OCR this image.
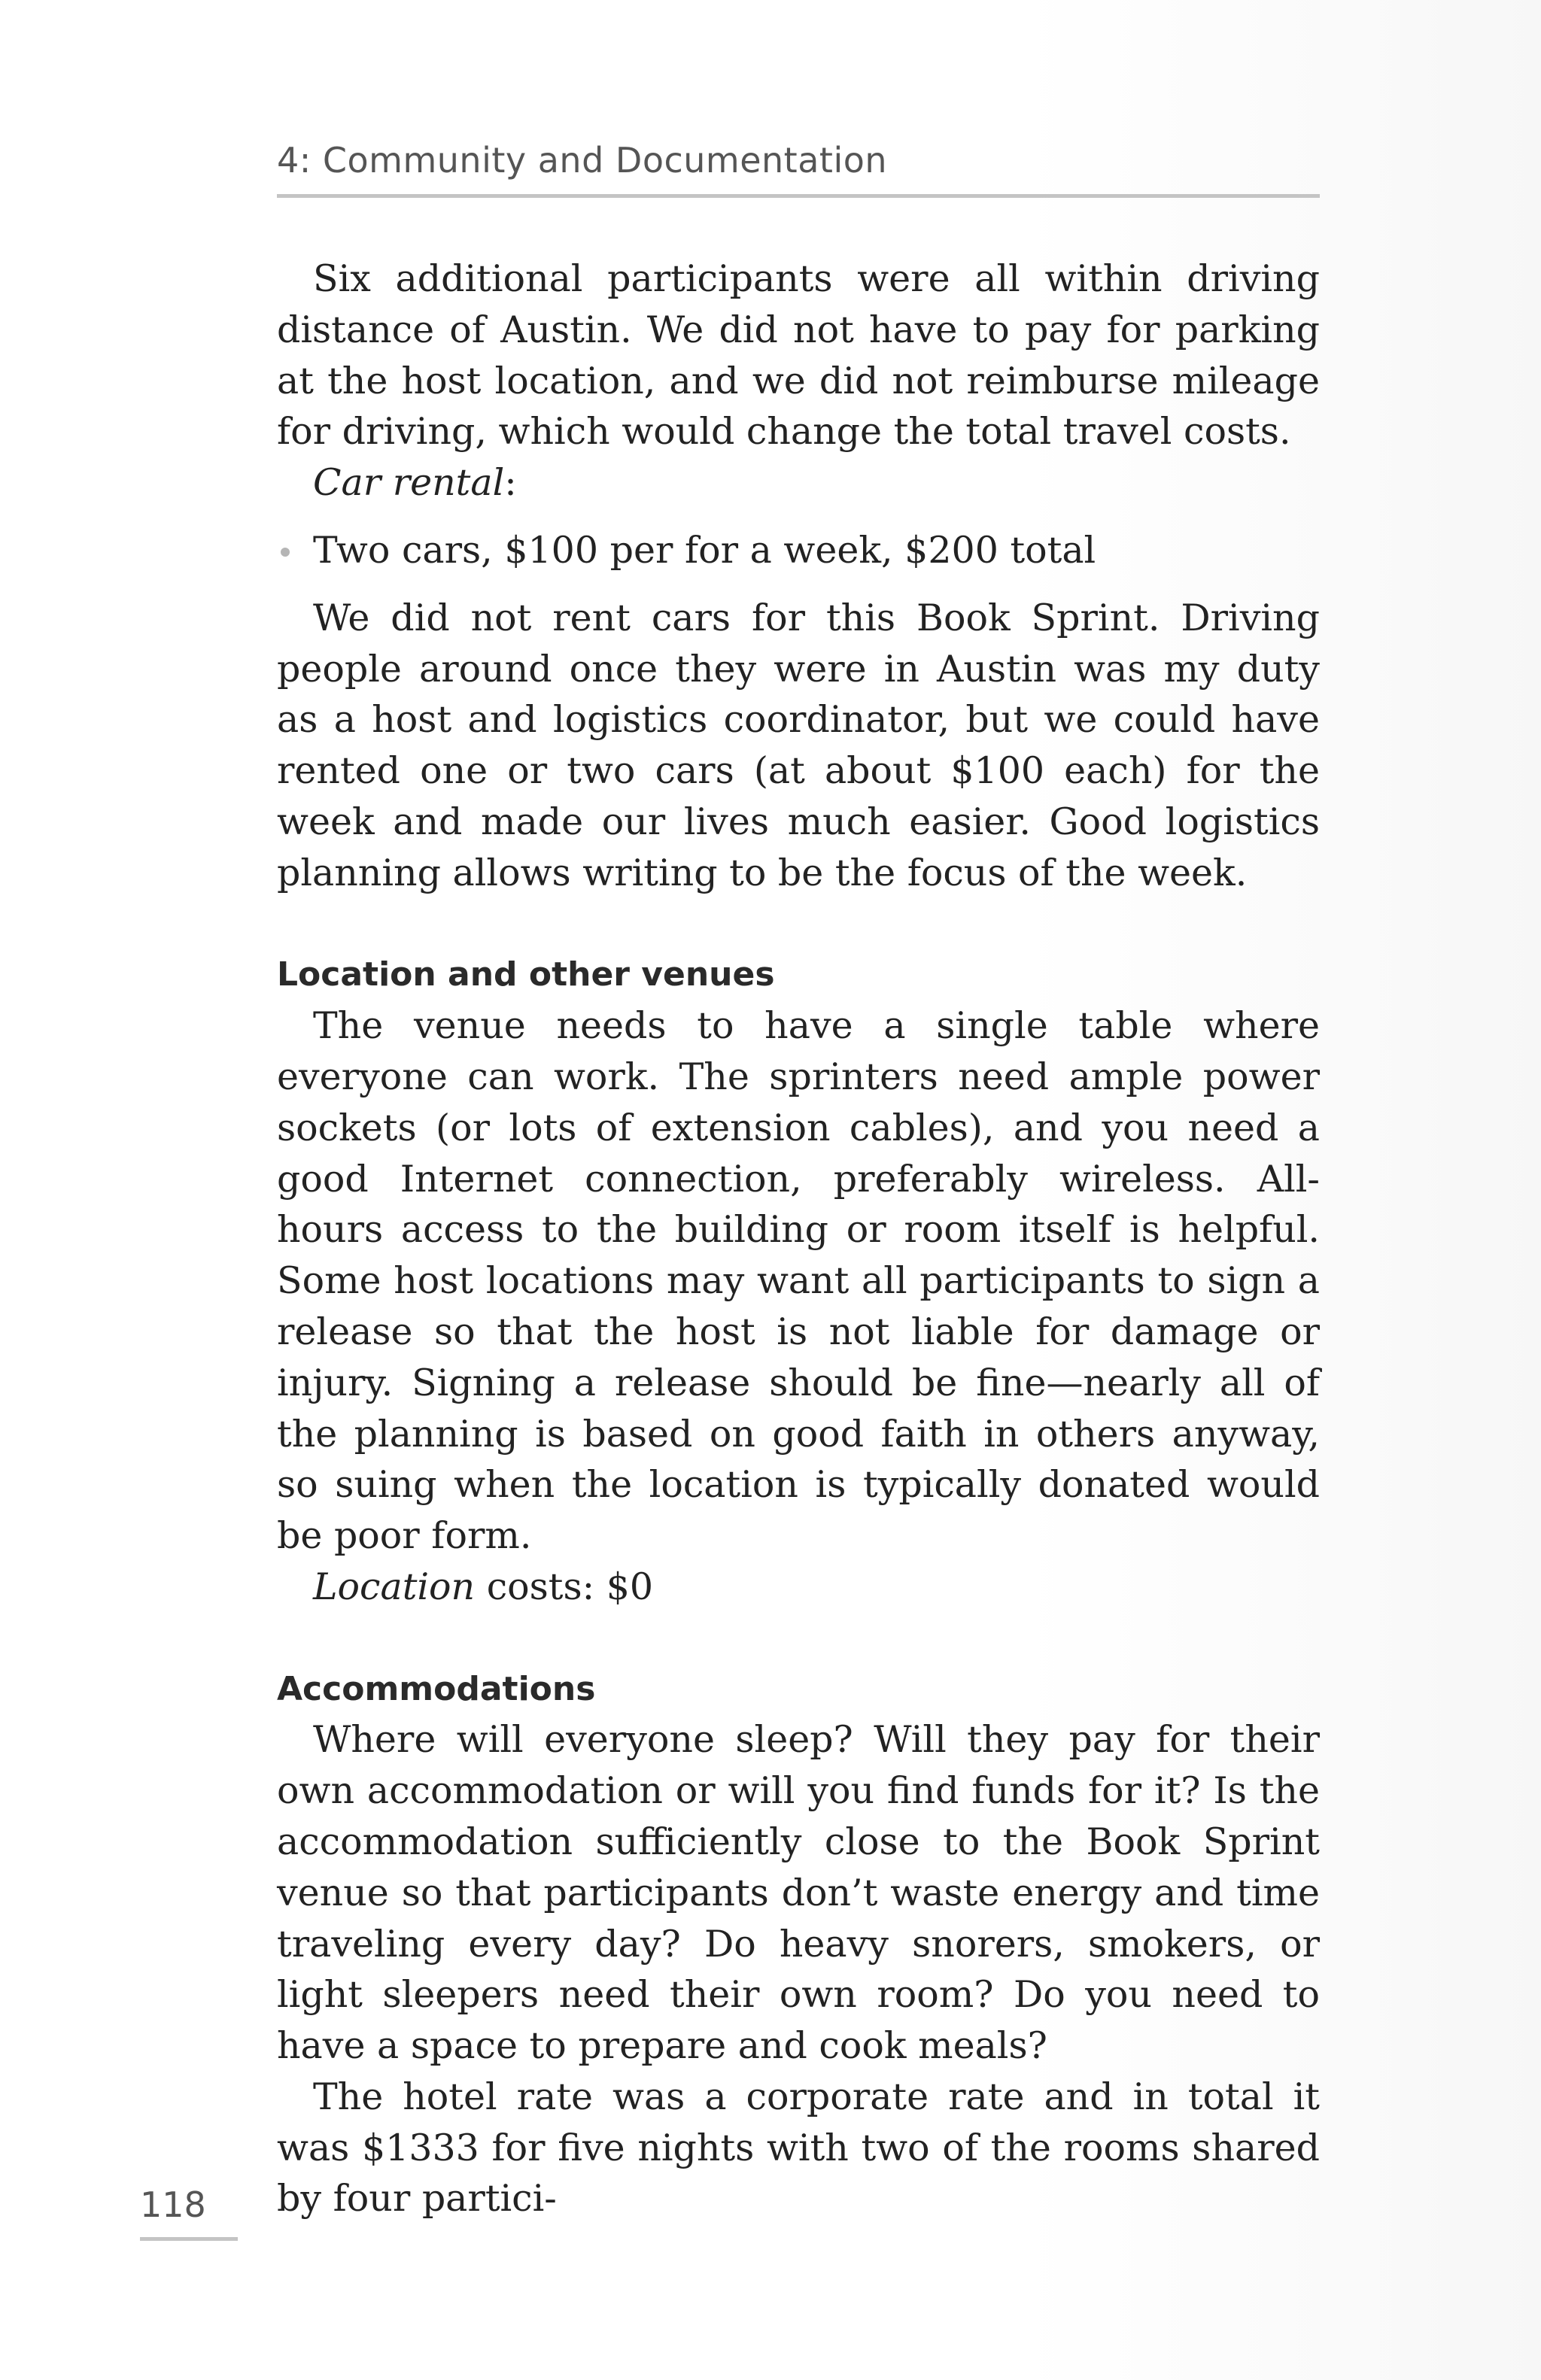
4: Community and Documentation

Six additional participants were all within driving distance of Austin. We did not have to pay for parking at the host location, and we did not reimburse mileage for driving, which would change the total travel costs.

Car rental:

Two cars, $100 per for a week, $200 total

We did not rent cars for this Book Sprint. Driving people around once they were in Austin was my duty as a host and logistics coordinator, but we could have rented one or two cars (at about $100 each) for the week and made our lives much easier. Good logistics planning allows writing to be the focus of the week.

Location and other venues

The venue needs to have a single table where everyone can work. The sprinters need ample power sockets (or lots of extension cables), and you need a good Internet connection, preferably wireless. All-hours access to the building or room itself is helpful. Some host locations may want all participants to sign a release so that the host is not liable for damage or injury. Signing a release should be fine—nearly all of the planning is based on good faith in others anyway, so suing when the location is typically donated would be poor form.

Location costs: $0

Accommodations

Where will everyone sleep? Will they pay for their own accommodation or will you find funds for it? Is the accommodation sufficiently close to the Book Sprint venue so that participants don’t waste energy and time traveling every day? Do heavy snorers, smokers, or light sleepers need their own room? Do you need to have a space to prepare and cook meals?

The hotel rate was a corporate rate and in total it was $1333 for five nights with two of the rooms shared by four partici-

118
